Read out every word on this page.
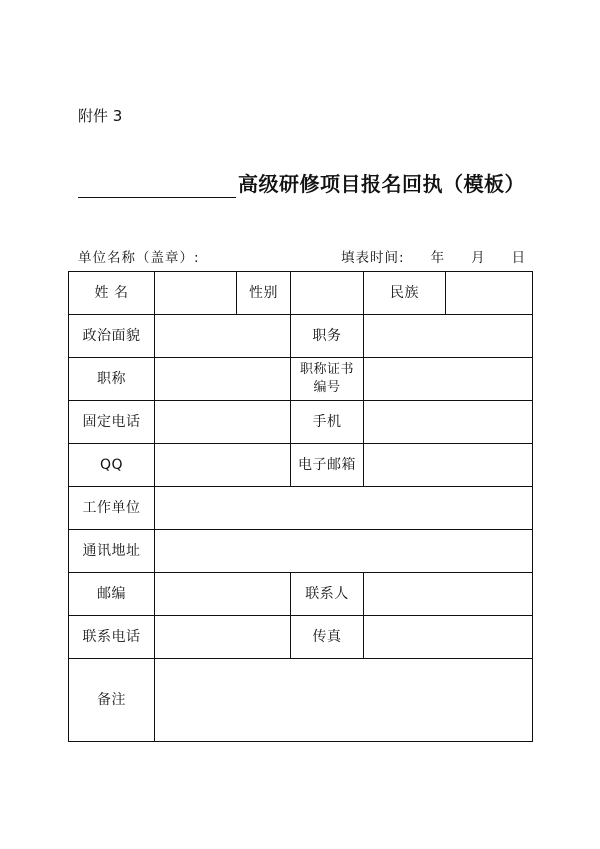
附件 3
高级研修项目报名回执（模板）
单位名称（盖章）:	填表时间: 年 月 日
姓 名		性别		民族	
政治面貌			职务		
职称			职称证书
编号		

固定电话			手机		
QQ			电子邮箱		
工作单位					
通讯地址					
邮编			联系人		
联系电话			传真		
备注					
